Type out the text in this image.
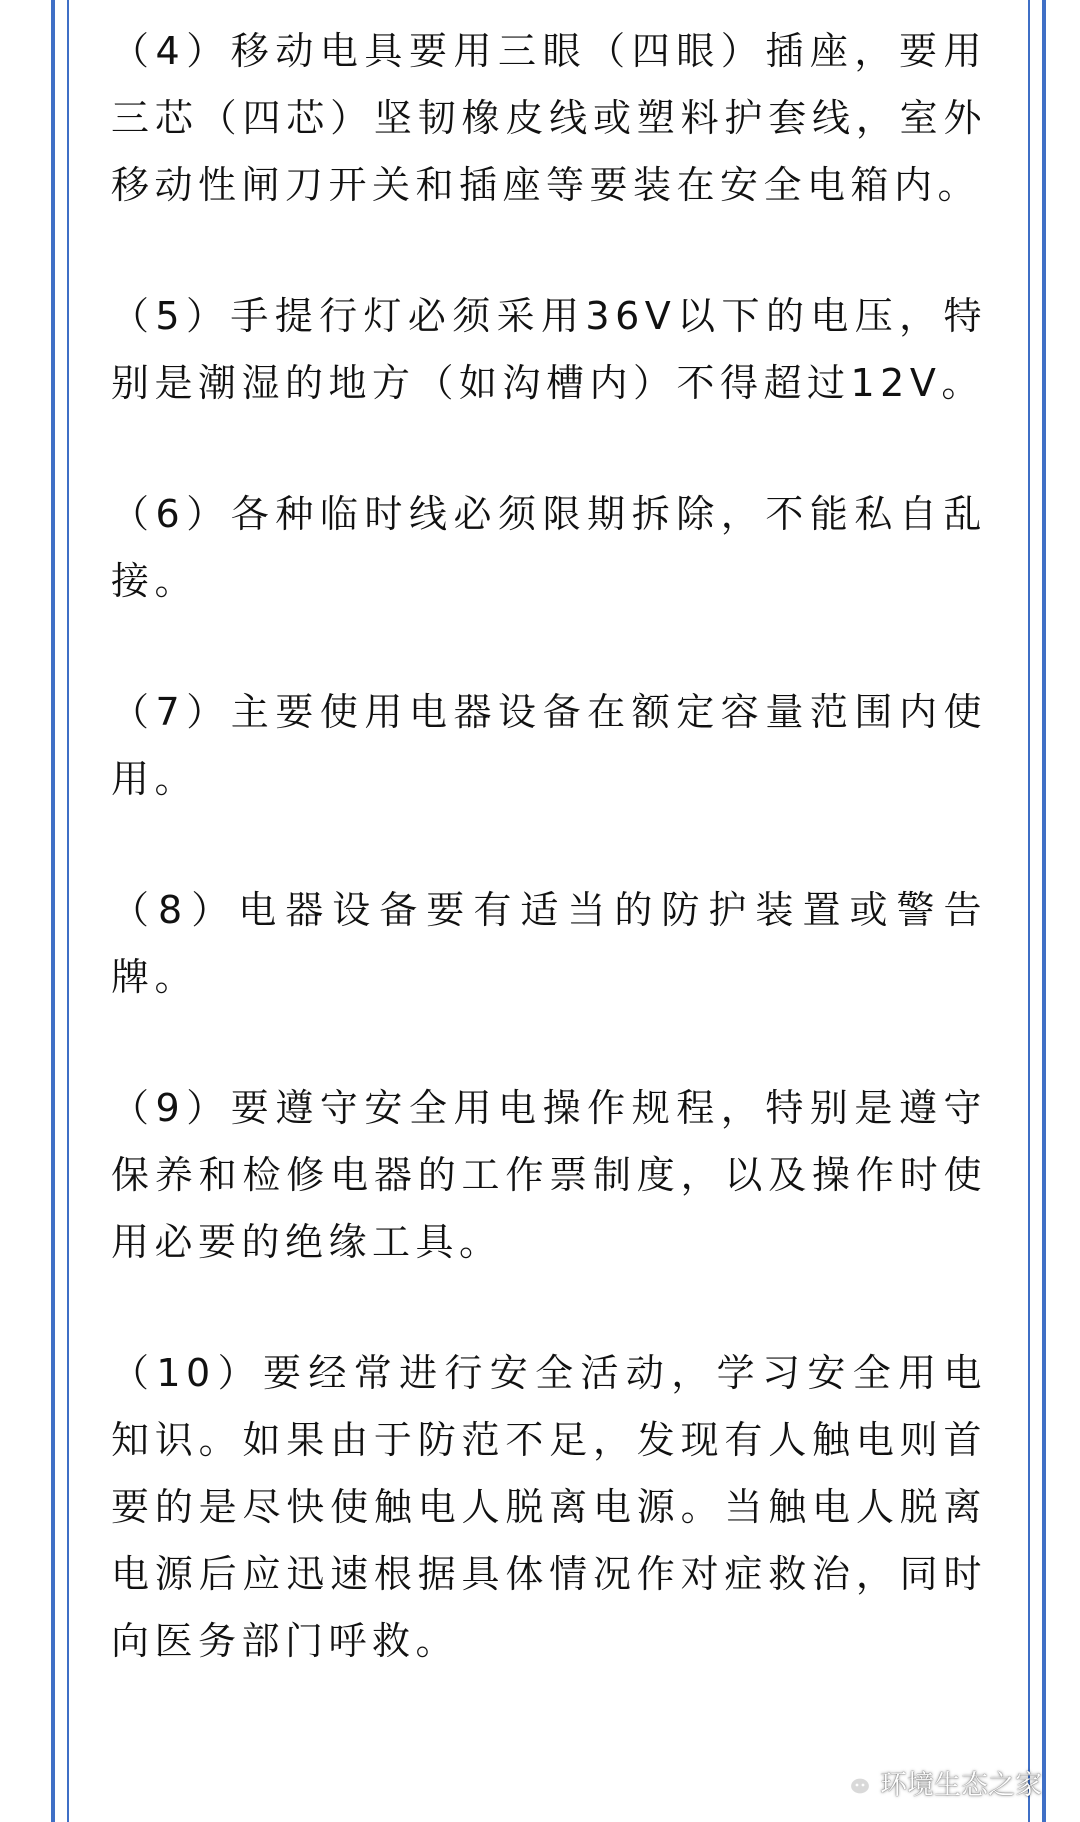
（4）移动电具要用三眼（四眼）插座，要用三芯（四芯）坚韧橡皮线或塑料护套线，室外移动性闸刀开关和插座等要装在安全电箱内。

（5）手提行灯必须采用36V以下的电压，特别是潮湿的地方（如沟槽内）不得超过12V。

（6）各种临时线必须限期拆除，不能私自乱接。

（7）主要使用电器设备在额定容量范围内使用。

（8）电器设备要有适当的防护装置或警告牌。

（9）要遵守安全用电操作规程，特别是遵守保养和检修电器的工作票制度，以及操作时使用必要的绝缘工具。

（10）要经常进行安全活动，学习安全用电知识。如果由于防范不足，发现有人触电则首要的是尽快使触电人脱离电源。当触电人脱离电源后应迅速根据具体情况作对症救治，同时向医务部门呼救。

环境生态之家
